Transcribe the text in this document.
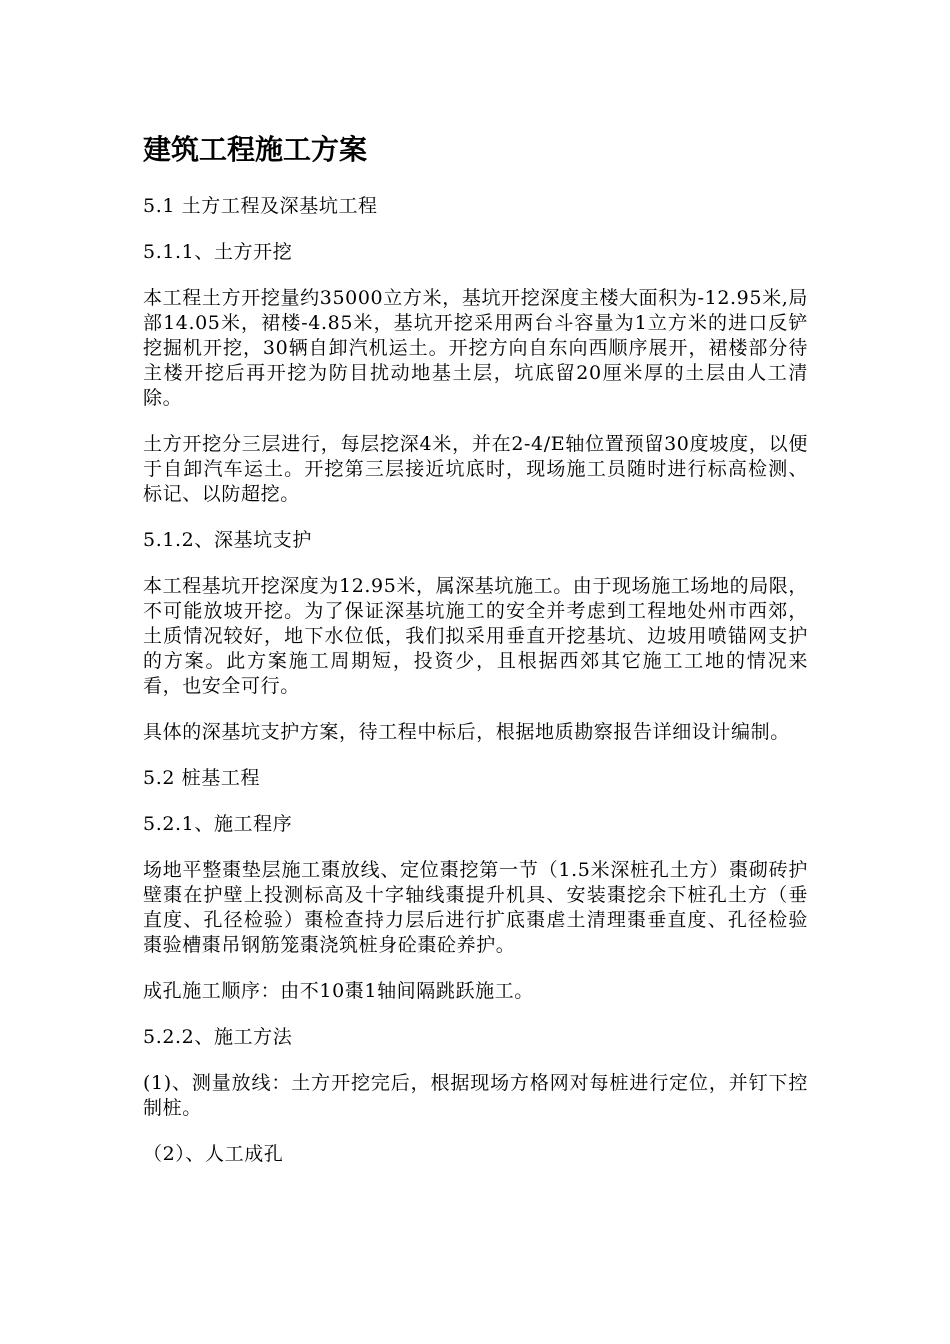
建筑工程施工方案
5.1 土方工程及深基坑工程
5.1.1、土方开挖
本工程土方开挖量约35000立方米，基坑开挖深度主楼大面积为-12.95米,局部14.05米，裙楼-4.85米，基坑开挖采用两台斗容量为1立方米的进口反铲挖掘机开挖，30辆自卸汽机运土。开挖方向自东向西顺序展开，裙楼部分待主楼开挖后再开挖为防目扰动地基土层，坑底留20厘米厚的土层由人工清除。
土方开挖分三层进行，每层挖深4米，并在2-4/E轴位置预留30度坡度，以便于自卸汽车运土。开挖第三层接近坑底时，现场施工员随时进行标高检测、标记、以防超挖。
5.1.2、深基坑支护
本工程基坑开挖深度为12.95米，属深基坑施工。由于现场施工场地的局限，不可能放坡开挖。为了保证深基坑施工的安全并考虑到工程地处州市西郊，土质情况较好，地下水位低，我们拟采用垂直开挖基坑、边坡用喷锚网支护的方案。此方案施工周期短，投资少，且根据西郊其它施工工地的情况来看，也安全可行。
具体的深基坑支护方案，待工程中标后，根据地质勘察报告详细设计编制。
5.2 桩基工程
5.2.1、施工程序
场地平整棗垫层施工棗放线、定位棗挖第一节（1.5米深桩孔土方）棗砌砖护壁棗在护壁上投测标高及十字轴线棗提升机具、安装棗挖余下桩孔土方（垂直度、孔径检验）棗检查持力层后进行扩底棗虐土清理棗垂直度、孔径检验棗验槽棗吊钢筋笼棗浇筑桩身砼棗砼养护。
成孔施工顺序：由不10棗1轴间隔跳跃施工。
5.2.2、施工方法
(1)、测量放线：土方开挖完后，根据现场方格网对每桩进行定位，并钉下控制桩。
（2）、人工成孔
